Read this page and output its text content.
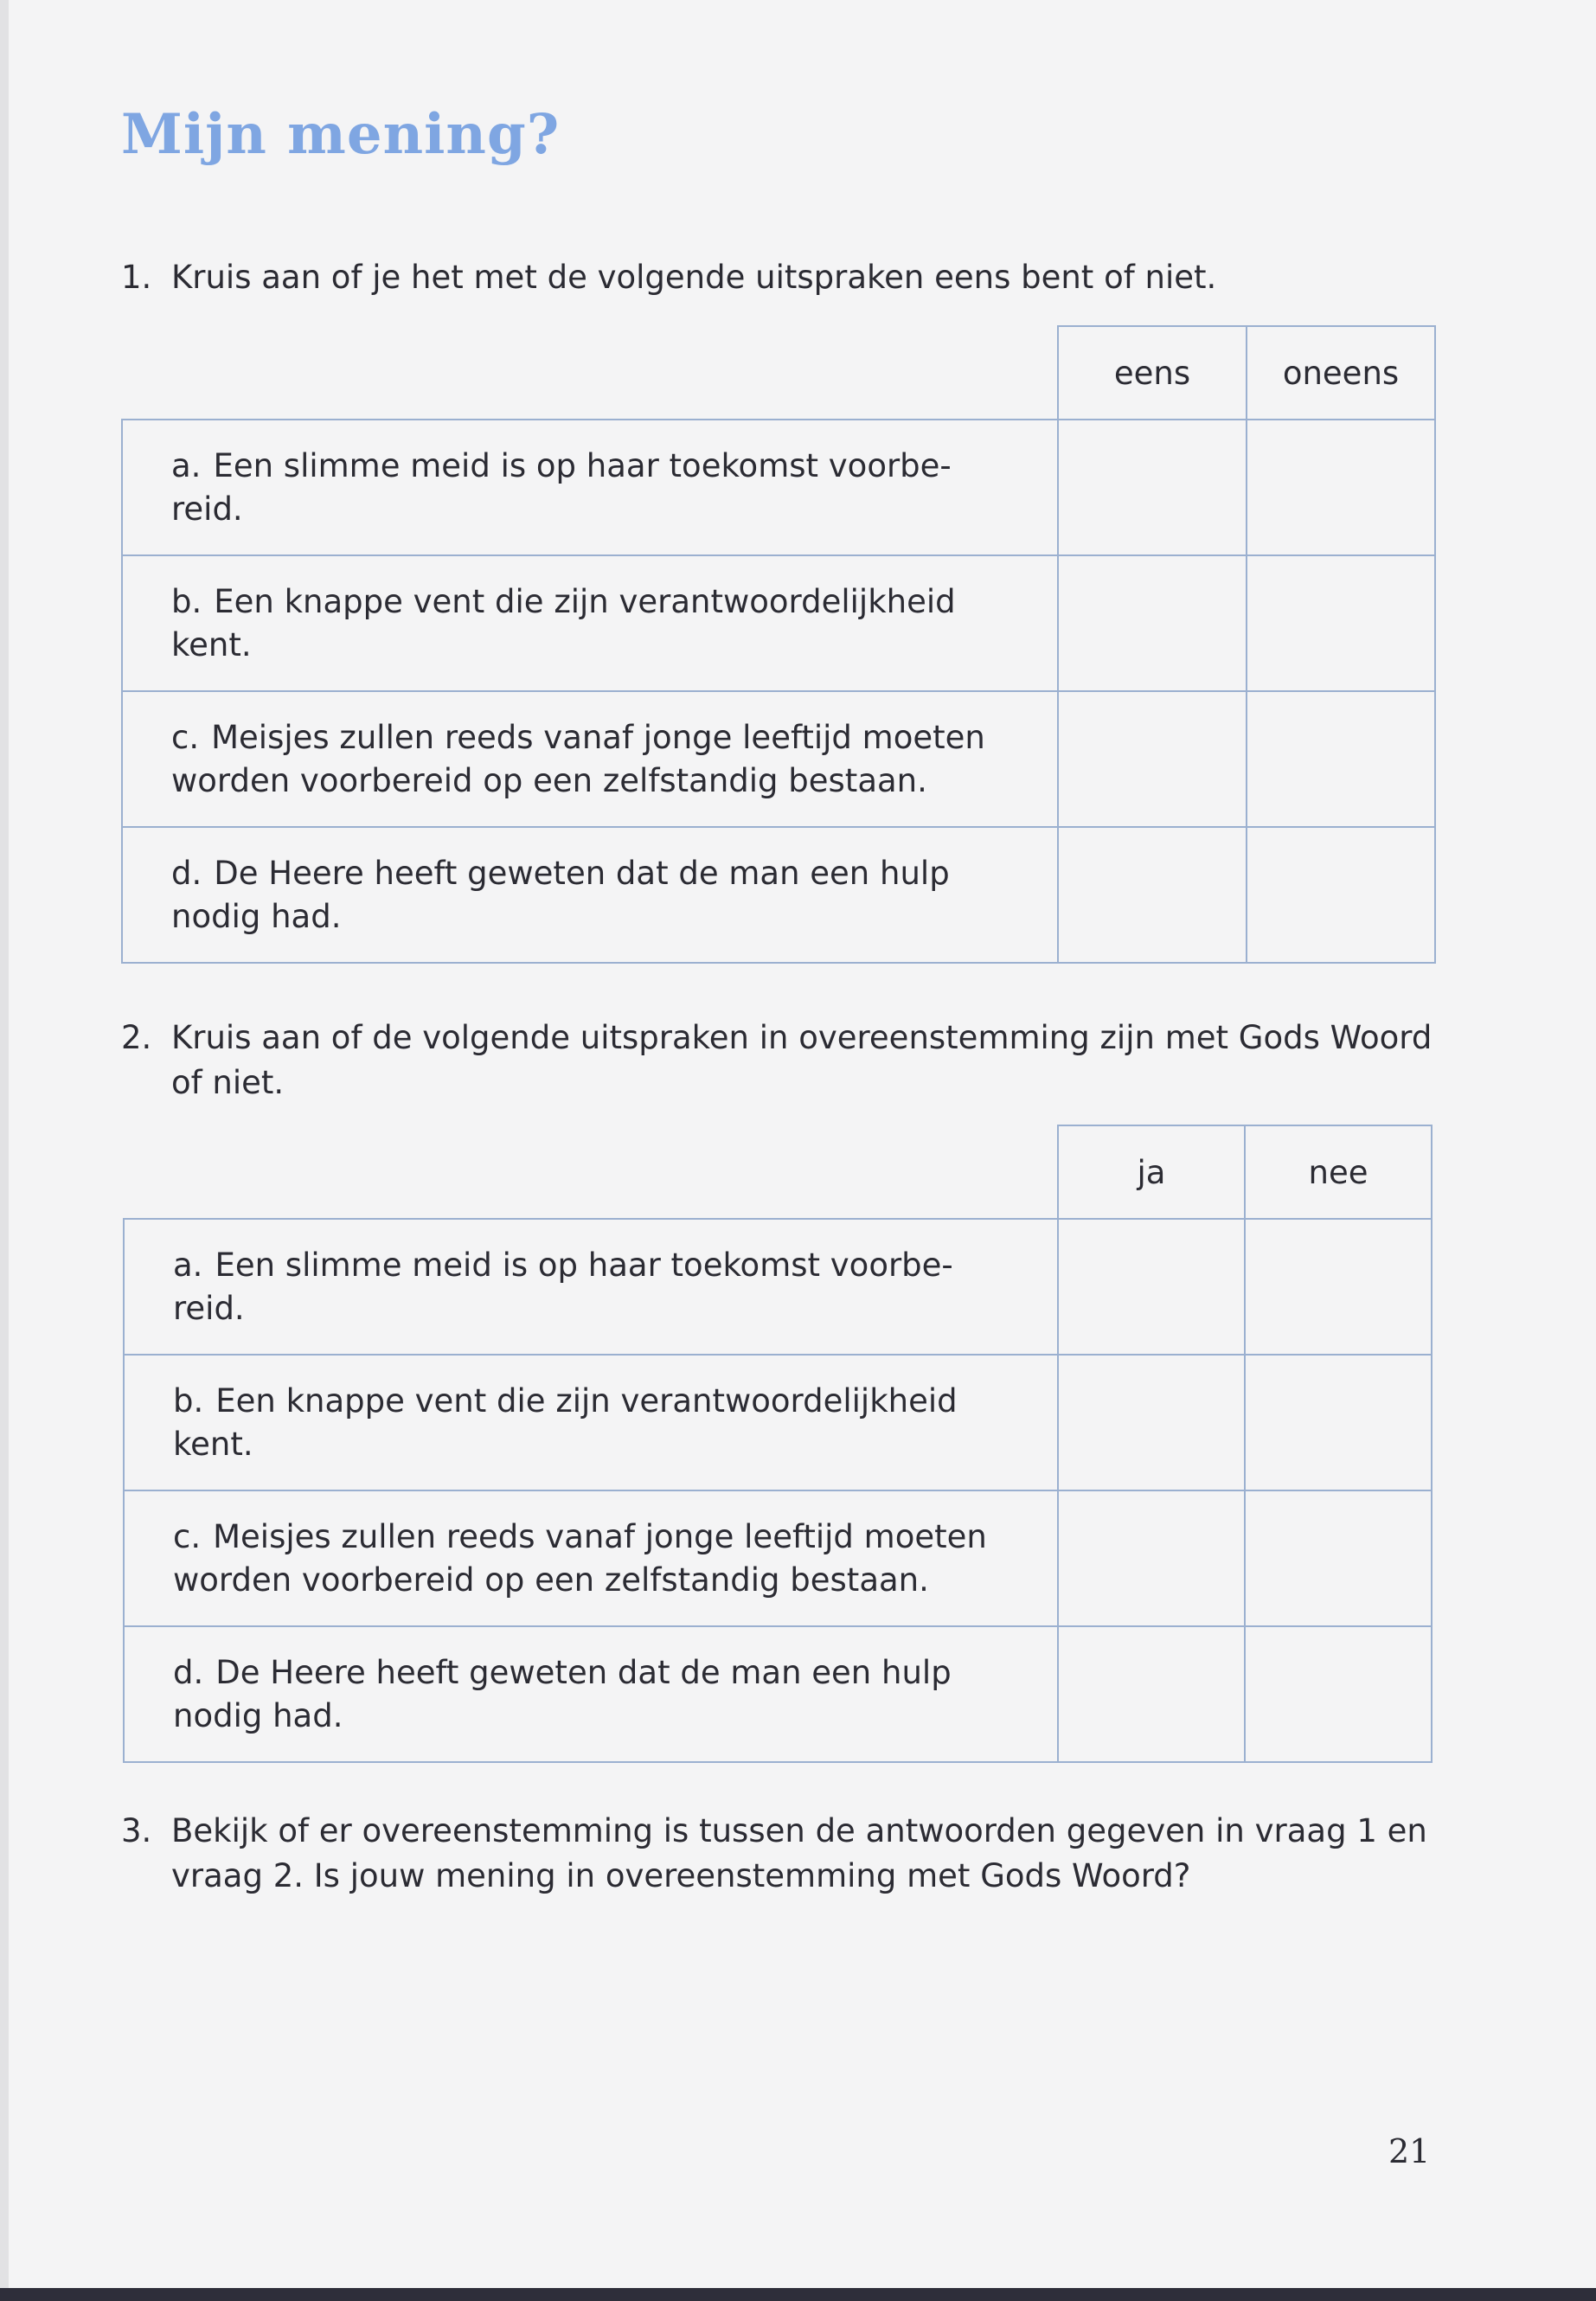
Mijn mening?
1. Kruis aan of je het met de volgende uitspraken eens bent of niet.
	eens	oneens
a. Een slimme meid is op haar toekomst voorbe- reid.		
b. Een knappe vent die zijn verantwoordelijkheid kent.		
c. Meisjes zullen reeds vanaf jonge leeftijd moeten worden voorbereid op een zelfstandig bestaan.		
d. De Heere heeft geweten dat de man een hulp nodig had.		
2. Kruis aan of de volgende uitspraken in overeenstemming zijn met Gods Woord of niet.
	ja	nee
a. Een slimme meid is op haar toekomst voorbe- reid.		
b. Een knappe vent die zijn verantwoordelijkheid kent.		
c. Meisjes zullen reeds vanaf jonge leeftijd moeten worden voorbereid op een zelfstandig bestaan.		
d. De Heere heeft geweten dat de man een hulp nodig had.		
3. Bekijk of er overeenstemming is tussen de antwoorden gegeven in vraag 1 en vraag 2. Is jouw mening in overeenstemming met Gods Woord?
21
